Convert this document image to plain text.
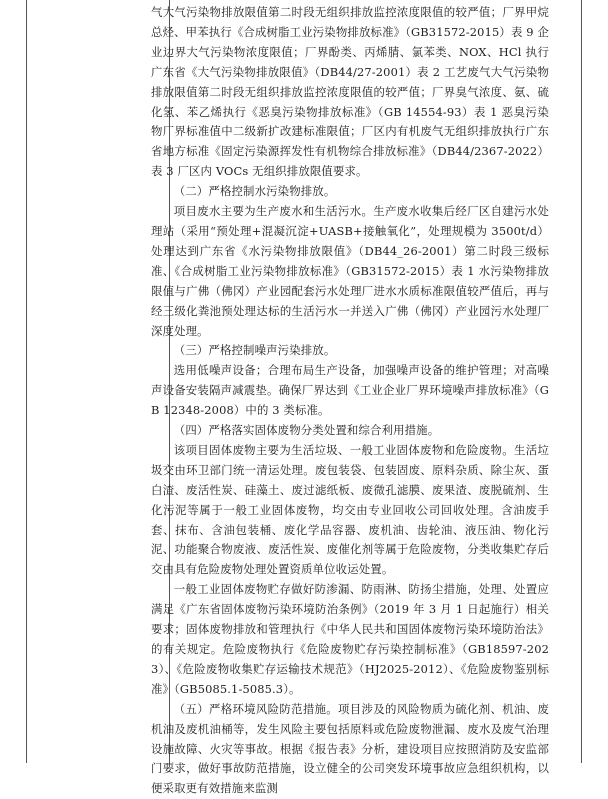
气大气污染物排放限值第二时段无组织排放监控浓度限值的较严值；厂界甲烷总烃、甲苯执行《合成树脂工业污染物排放标准》（GB31572-2015）表 9 企业边界大气污染物浓度限值；厂界酚类、丙烯腈、氯苯类、NOX、HCl 执行广东省《大气污染物排放限值》（DB44/27-2001）表 2 工艺废气大气污染物排放限值第二时段无组织排放监控浓度限值的较严值；厂界臭气浓度、氨、硫化氢、苯乙烯执行《恶臭污染物排放标准》（GB 14554-93）表 1 恶臭污染物厂界标准值中二级新扩改建标准限值；厂区内有机废气无组织排放执行广东省地方标准《固定污染源挥发性有机物综合排放标准》（DB44/2367-2022）表 3 厂区内 VOCs 无组织排放限值要求。

（二）严格控制水污染物排放。

项目废水主要为生产废水和生活污水。生产废水收集后经厂区自建污水处理站（采用“预处理+混凝沉淀+UASB+接触氧化”，处理规模为 3500t/d）处理达到广东省《水污染物排放限值》（DB44_26-2001）第二时段三级标准、《合成树脂工业污染物排放标准》（GB31572-2015）表 1 水污染物排放限值与广佛（佛冈）产业园配套污水处理厂进水水质标准限值较严值后，再与经三级化粪池预处理达标的生活污水一并送入广佛（佛冈）产业园污水处理厂深度处理。

（三）严格控制噪声污染排放。

选用低噪声设备；合理布局生产设备，加强噪声设备的维护管理；对高噪声设备安装隔声减震垫。确保厂界达到《工业企业厂界环境噪声排放标准》（GB 12348-2008）中的 3 类标准。

（四）严格落实固体废物分类处置和综合利用措施。

该项目固体废物主要为生活垃圾、一般工业固体废物和危险废物。生活垃圾交由环卫部门统一清运处理。废包装袋、包装固废、原料杂质、除尘灰、蛋白渣、废活性炭、硅藻土、废过滤纸板、废微孔滤膜、废果渣、废脱硫剂、生化污泥等属于一般工业固体废物，均交由专业回收公司回收处理。含油废手套、抹布、含油包装桶、废化学品容器、废机油、齿轮油、液压油、物化污泥、功能聚合物废液、废活性炭、废催化剂等属于危险废物，分类收集贮存后交由具有危险废物处理处置资质单位收运处置。

一般工业固体废物贮存做好防渗漏、防雨淋、防扬尘措施，处理、处置应满足《广东省固体废物污染环境防治条例》（2019 年 3 月 1 日起施行）相关要求；固体废物排放和管理执行《中华人民共和国固体废物污染环境防治法》的有关规定。危险废物执行《危险废物贮存污染控制标准》（GB18597-2023）、《危险废物收集贮存运输技术规范》（HJ2025-2012）、《危险废物鉴别标准》（GB5085.1-5085.3）。

（五）严格环境风险防范措施。项目涉及的风险物质为硫化剂、机油、废机油及废机油桶等，发生风险主要包括原料或危险废物泄漏、废水及废气治理设施故障、火灾等事故。根据《报告表》分析，建设项目应按照消防及安监部门要求，做好事故防范措施，设立健全的公司突发环境事故应急组织机构，以便采取更有效措施来监测
